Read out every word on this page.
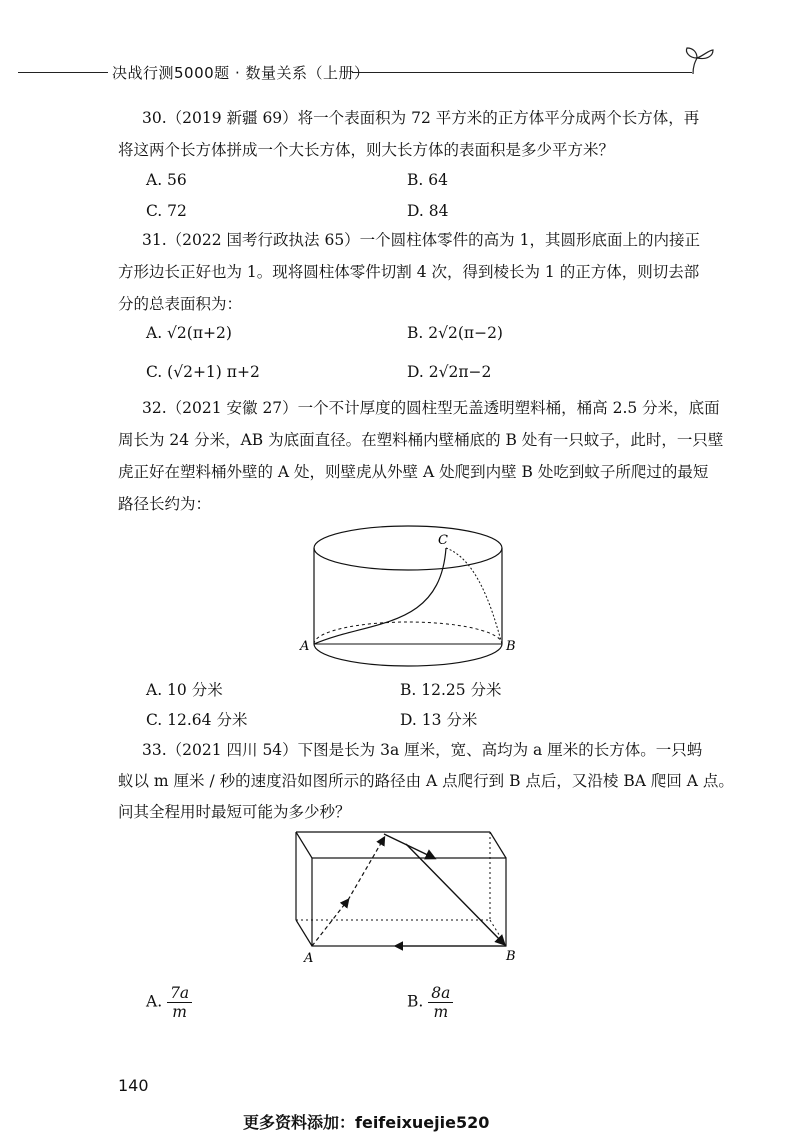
决战行测5000题 · 数量关系（上册）
30.（2019 新疆 69）将一个表面积为 72 平方米的正方体平分成两个长方体，再
将这两个长方体拼成一个大长方体，则大长方体的表面积是多少平方米？
A. 56	B. 64
C. 72	D. 84
31.（2022 国考行政执法 65）一个圆柱体零件的高为 1，其圆形底面上的内接正
方形边长正好也为 1。现将圆柱体零件切割 4 次，得到棱长为 1 的正方体，则切去部
分的总表面积为：
A. √2(π+2)	B. 2√2(π−2)
C. (√2+1) π+2	D. 2√2π−2
32.（2021 安徽 27）一个不计厚度的圆柱型无盖透明塑料桶，桶高 2.5 分米，底面
周长为 24 分米，AB 为底面直径。在塑料桶内壁桶底的 B 处有一只蚊子，此时，一只壁
虎正好在塑料桶外壁的 A 处，则壁虎从外壁 A 处爬到内壁 B 处吃到蚊子所爬过的最短
路径长约为：
A	B
C
A. 10 分米	B. 12.25 分米
C. 12.64 分米	D. 13 分米
33.（2021 四川 54）下图是长为 3a 厘米，宽、高均为 a 厘米的长方体。一只蚂
蚁以 m 厘米 / 秒的速度沿如图所示的路径由 A 点爬行到 B 点后，又沿棱 BA 爬回 A 点。
问其全程用时最短可能为多少秒？
A	B
A. $\frac{7a}{m}$	B. $\frac{8a}{m}$
140
更多资料添加：feifeixuejie520
